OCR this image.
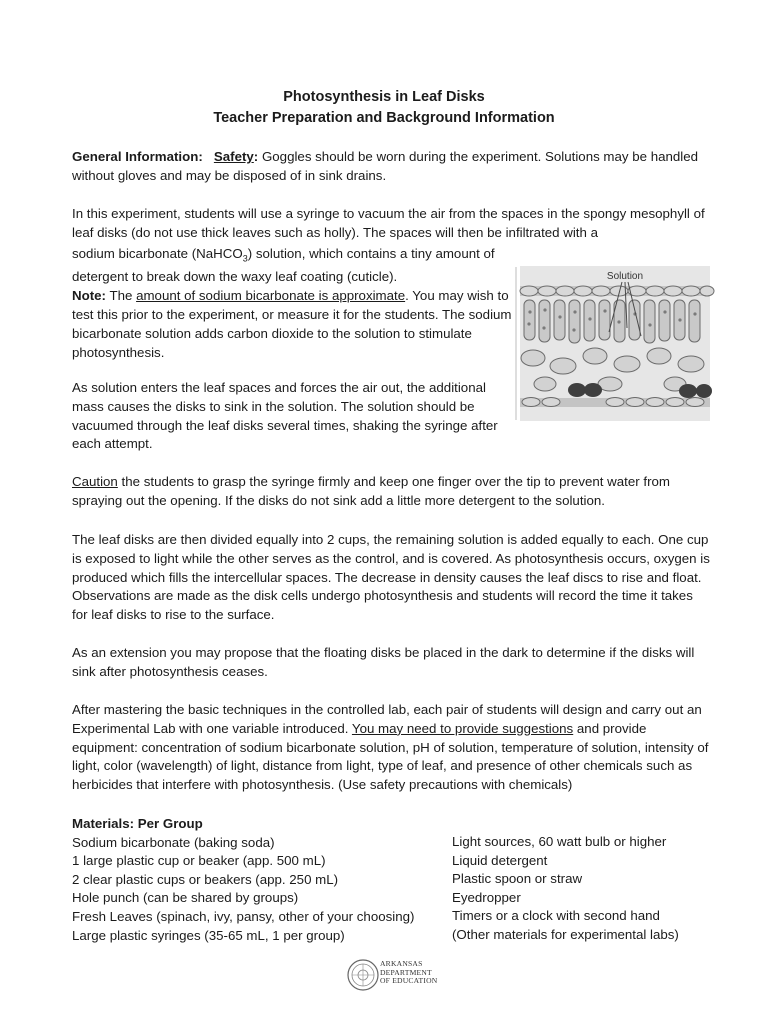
Photosynthesis in Leaf Disks
Teacher Preparation and Background Information
General Information: Safety: Goggles should be worn during the experiment. Solutions may be handled without gloves and may be disposed of in sink drains.
In this experiment, students will use a syringe to vacuum the air from the spaces in the spongy mesophyll of leaf disks (do not use thick leaves such as holly). The spaces will then be infiltrated with a
sodium bicarbonate (NaHCO$_3$) solution, which contains a tiny amount of detergent to break down the waxy leaf coating (cuticle).
Note: The amount of sodium bicarbonate is approximate. You may wish to test this prior to the experiment, or measure it for the students. The sodium bicarbonate solution adds carbon dioxide to the solution to stimulate photosynthesis.
As solution enters the leaf spaces and forces the air out, the additional mass causes the disks to sink in the solution. The solution should be vacuumed through the leaf disks several times, shaking the syringe after each attempt.
Solution
Caution the students to grasp the syringe firmly and keep one finger over the tip to prevent water from spraying out the opening. If the disks do not sink add a little more detergent to the solution.
The leaf disks are then divided equally into 2 cups, the remaining solution is added equally to each. One cup is exposed to light while the other serves as the control, and is covered. As photosynthesis occurs, oxygen is produced which fills the intercellular spaces. The decrease in density causes the leaf discs to rise and float. Observations are made as the disk cells undergo photosynthesis and students will record the time it takes for leaf disks to rise to the surface.
As an extension you may propose that the floating disks be placed in the dark to determine if the disks will sink after photosynthesis ceases.
After mastering the basic techniques in the controlled lab, each pair of students will design and carry out an Experimental Lab with one variable introduced. You may need to provide suggestions and provide equipment: concentration of sodium bicarbonate solution, pH of solution, temperature of solution, intensity of light, color (wavelength) of light, distance from light, type of leaf, and presence of other chemicals such as herbicides that interfere with photosynthesis. (Use safety precautions with chemicals)
Materials: Per Group
Sodium bicarbonate (baking soda)
1 large plastic cup or beaker (app. 500 mL)
2 clear plastic cups or beakers (app. 250 mL)
Hole punch (can be shared by groups)
Fresh Leaves (spinach, ivy, pansy, other of your choosing)
Large plastic syringes (35-65 mL, 1 per group)
Light sources, 60 watt bulb or higher
Liquid detergent
Plastic spoon or straw
Eyedropper
Timers or a clock with second hand
(Other materials for experimental labs)
ARKANSAS
DEPARTMENT
OF EDUCATION
